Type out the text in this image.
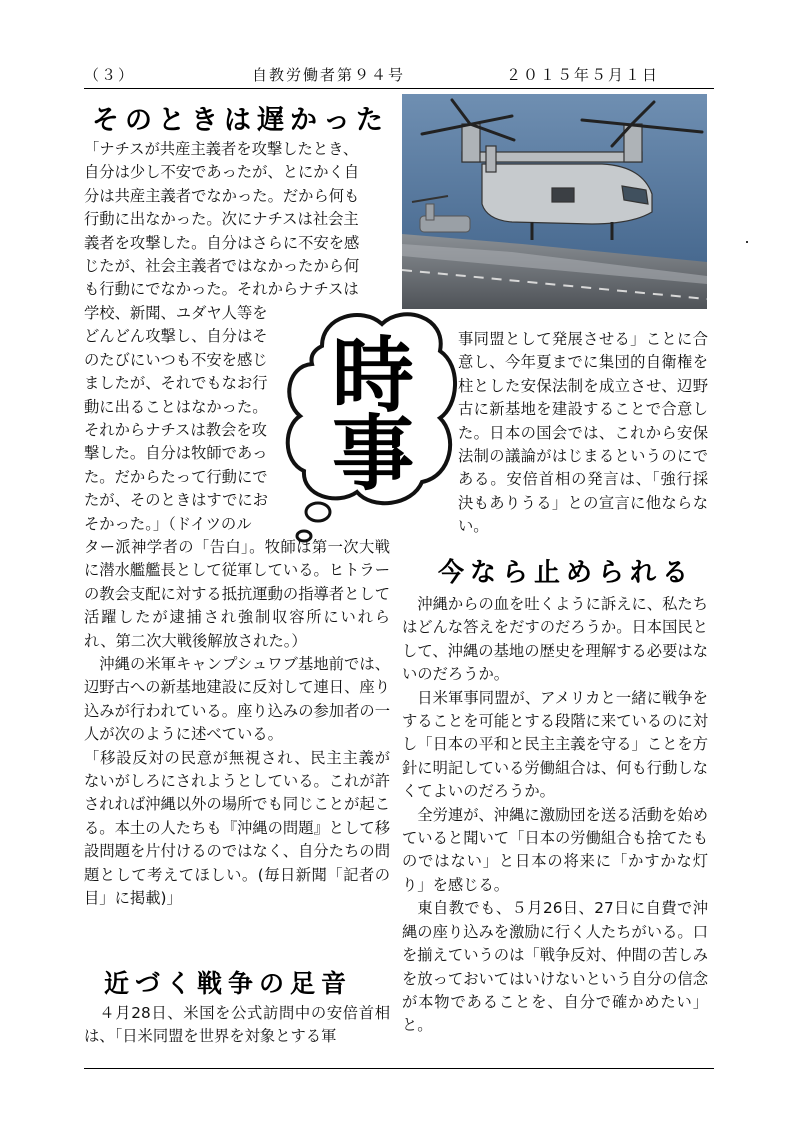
（３）	自教労働者第９４号	２０１５年５月１日
そのときは遅かった

「ナチスが共産主義者を攻撃したとき、

自分は少し不安であったが、とにかく自

分は共産主義者でなかった。だから何も

行動に出なかった。次にナチスは社会主

義者を攻撃した。自分はさらに不安を感

じたが、社会主義者ではなかったから何

も行動にでなかった。それからナチスは

学校、新聞、ユダヤ人等を

どんどん攻撃し、自分はそ

のたびにいつも不安を感じ

ましたが、それでもなお行

動に出ることはなかった。

それからナチスは教会を攻

撃した。自分は牧師であっ

た。だからたって行動にで

たが、そのときはすでにお

そかった。」（ドイツのル

時
事

ター派神学者の「告白」。牧師は第一次大戦に潜水艦艦長として従軍している。ヒトラーの教会支配に対する抵抗運動の指導者として活躍したが逮捕され強制収容所にいれられ、第二次大戦後解放された。）

沖縄の米軍キャンプシュワブ基地前では、辺野古への新基地建設に反対して連日、座り込みが行われている。座り込みの参加者の一人が次のように述べている。

「移設反対の民意が無視され、民主主義がないがしろにされようとしている。これが許されれば沖縄以外の場所でも同じことが起こる。本土の人たちも『沖縄の問題』として移設問題を片付けるのではなく、自分たちの問題として考えてほしい。(毎日新聞「記者の目」に掲載)」

近づく戦争の足音

４月28日、米国を公式訪問中の安倍首相は、「日米同盟を世界を対象とする軍

事同盟として発展させる」ことに合意し、今年夏までに集団的自衛権を柱とした安保法制を成立させ、辺野古に新基地を建設することで合意した。日本の国会では、これから安保法制の議論がはじまるというのにである。安倍首相の発言は、「強行採決もありうる」との宣言に他ならない。

今なら止められる

沖縄からの血を吐くように訴えに、私たちはどんな答えをだすのだろうか。日本国民として、沖縄の基地の歴史を理解する必要はないのだろうか。

日米軍事同盟が、アメリカと一緒に戦争をすることを可能とする段階に来ているのに対し「日本の平和と民主主義を守る」ことを方針に明記している労働組合は、何も行動しなくてよいのだろうか。

全労連が、沖縄に激励団を送る活動を始めていると聞いて「日本の労働組合も捨てたものではない」と日本の将来に「かすかな灯り」を感じる。

東自教でも、５月26日、27日に自費で沖縄の座り込みを激励に行く人たちがいる。口を揃えていうのは「戦争反対、仲間の苦しみを放っておいてはいけないという自分の信念が本物であることを、自分で確かめたい」と。
